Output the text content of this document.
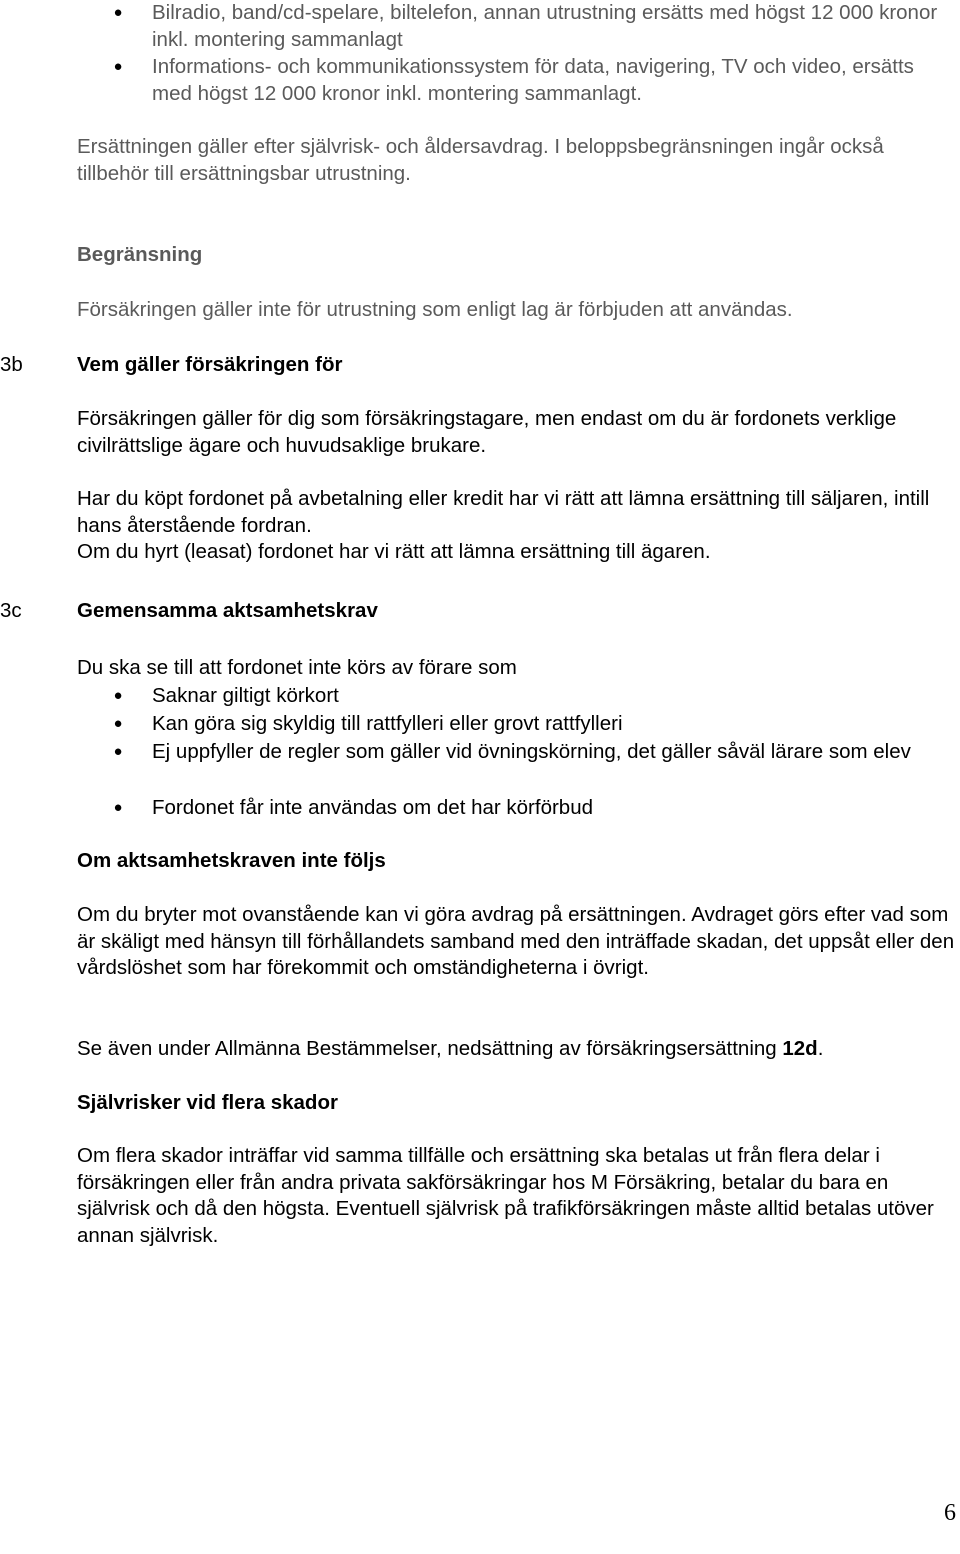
● Bilradio, band/cd-spelare, biltelefon, annan utrustning ersätts med högst 12 000 kronor inkl. montering sammanlagt

● Informations- och kommunikationssystem för data, navigering, TV och video, ersätts med högst 12 000 kronor inkl. montering sammanlagt.

Ersättningen gäller efter självrisk- och åldersavdrag. I beloppsbegränsningen ingår också tillbehör till ersättningsbar utrustning.

Begränsning

Försäkringen gäller inte för utrustning som enligt lag är förbjuden att användas.

3b	Vem gäller försäkringen för

Försäkringen gäller för dig som försäkringstagare, men endast om du är fordonets verklige civilrättslige ägare och huvudsaklige brukare.

Har du köpt fordonet på avbetalning eller kredit har vi rätt att lämna ersättning till säljaren, intill hans återstående fordran.

Om du hyrt (leasat) fordonet har vi rätt att lämna ersättning till ägaren.

3c	Gemensamma aktsamhetskrav

Du ska se till att fordonet inte körs av förare som

● Saknar giltigt körkort

● Kan göra sig skyldig till rattfylleri eller grovt rattfylleri

● Ej uppfyller de regler som gäller vid övningskörning, det gäller såväl lärare som elev

● Fordonet får inte användas om det har körförbud

Om aktsamhetskraven inte följs

Om du bryter mot ovanstående kan vi göra avdrag på ersättningen. Avdraget görs efter vad som är skäligt med hänsyn till förhållandets samband med den inträffade skadan, det uppsåt eller den vårdslöshet som har förekommit och omständigheterna i övrigt.

Se även under Allmänna Bestämmelser, nedsättning av försäkringsersättning 12d.

Självrisker vid flera skador

Om flera skador inträffar vid samma tillfälle och ersättning ska betalas ut från flera delar i försäkringen eller från andra privata sakförsäkringar hos M Försäkring, betalar du bara en självrisk och då den högsta. Eventuell självrisk på trafikförsäkringen måste alltid betalas utöver annan självrisk.

6
